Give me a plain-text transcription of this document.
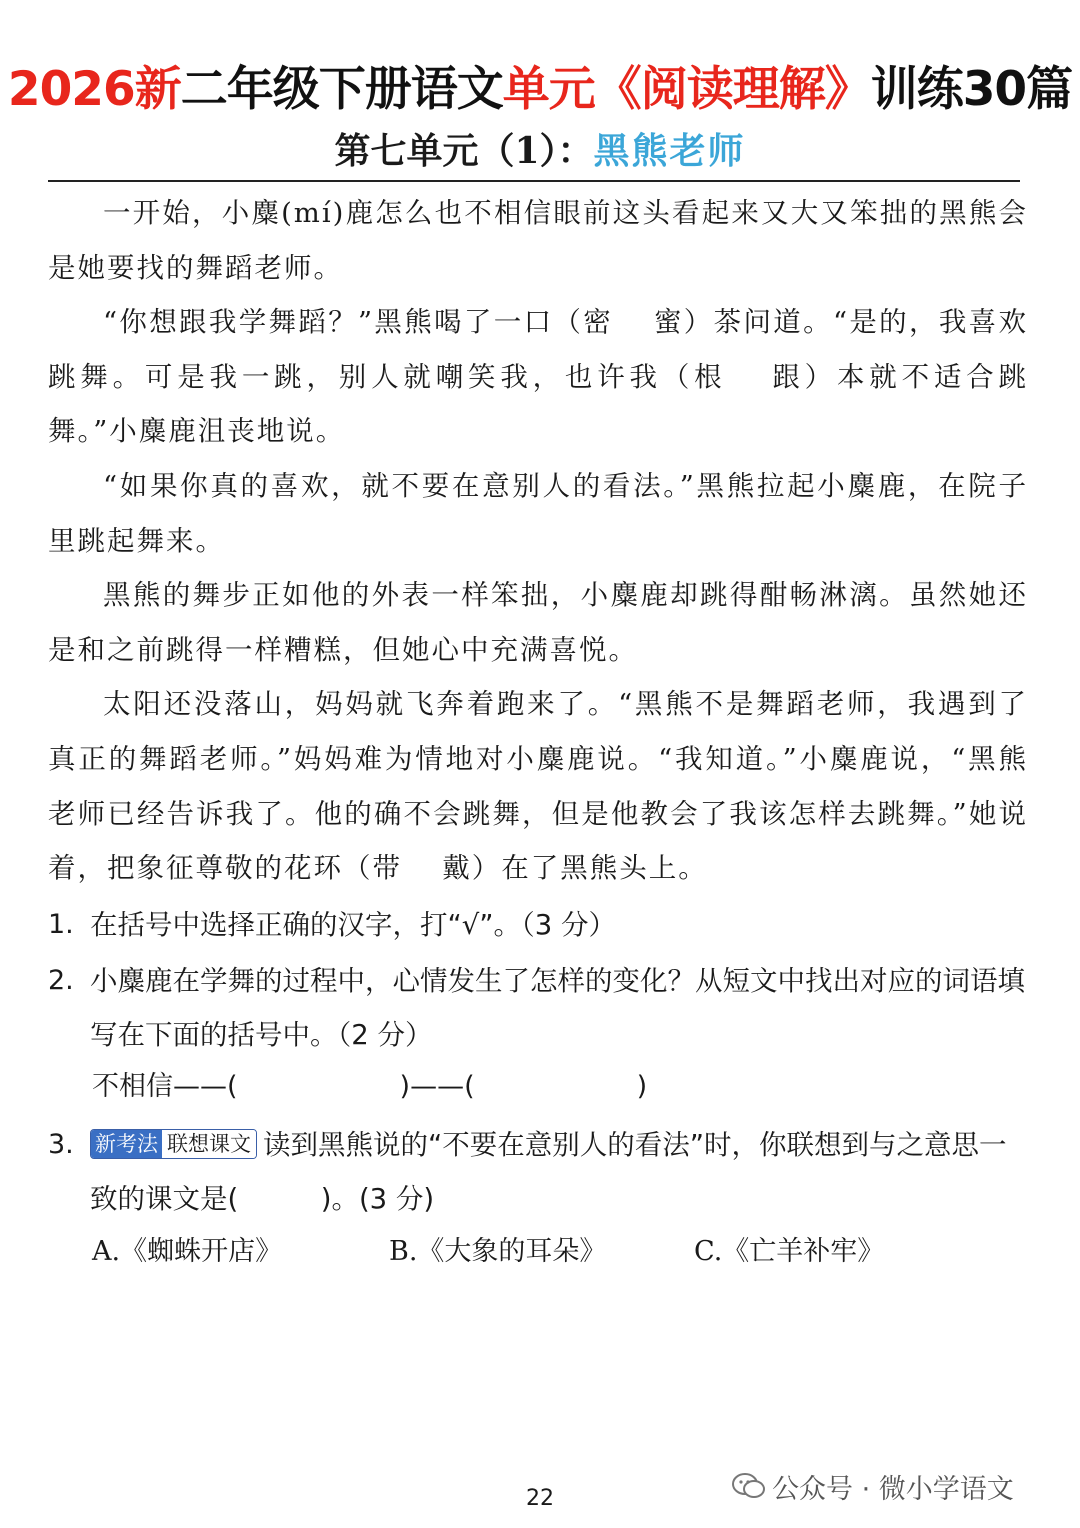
2026新二年级下册语文单元《阅读理解》训练30篇
第七单元（1）：黑熊老师

一开始，小麋(mí)鹿怎么也不相信眼前这头看起来又大又笨拙的黑熊会是她要找的舞蹈老师。

“你想跟我学舞蹈？”黑熊喝了一口（密　 蜜）茶问道。“是的，我喜欢跳舞。可是我一跳，别人就嘲笑我，也许我（根　 跟）本就不适合跳舞。”小麋鹿沮丧地说。

“如果你真的喜欢，就不要在意别人的看法。”黑熊拉起小麋鹿，在院子里跳起舞来。

黑熊的舞步正如他的外表一样笨拙，小麋鹿却跳得酣畅淋漓。虽然她还是和之前跳得一样糟糕，但她心中充满喜悦。

太阳还没落山，妈妈就飞奔着跑来了。“黑熊不是舞蹈老师，我遇到了真正的舞蹈老师。”妈妈难为情地对小麋鹿说。“我知道。”小麋鹿说，“黑熊老师已经告诉我了。他的确不会跳舞，但是他教会了我该怎样去跳舞。”她说着，把象征尊敬的花环（带　 戴）在了黑熊头上。

1. 在括号中选择正确的汉字，打“√”。（3 分）
2. 小麋鹿在学舞的过程中，心情发生了怎样的变化？从短文中找出对应的词语填写在下面的括号中。（2 分）
不相信——(　　　　　　)——(　　　　　　)
3.	新考法 联想课文 读到黑熊说的“不要在意别人的看法”时，你联想到与之意思一致的课文是(　　　)。(3 分)
A.《蜘蛛开店》	B.《大象的耳朵》	C.《亡羊补牢》
22	公众号 · 微小学语文
